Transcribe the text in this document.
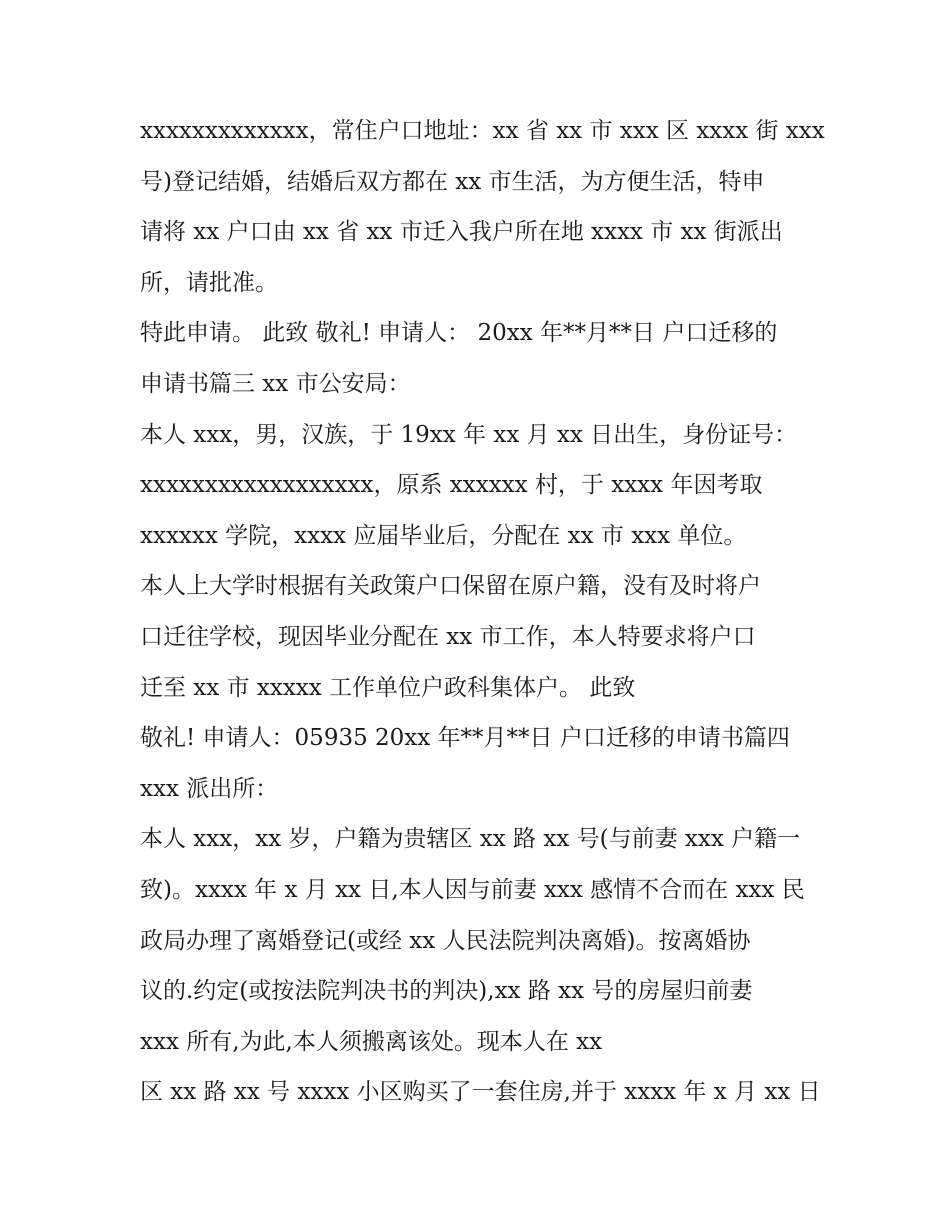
xxxxxxxxxxxxx，常住户口地址：xx 省 xx 市 xxx 区 xxxx 街 xxx
号)登记结婚，结婚后双方都在 xx 市生活，为方便生活，特申
请将 xx 户口由 xx 省 xx 市迁入我户所在地 xxxx 市 xx 街派出
所，请批准。
特此申请。 此致 敬礼! 申请人： 20xx 年**月**日 户口迁移的
申请书篇三 xx 市公安局：
本人 xxx，男，汉族，于 19xx 年 xx 月 xx 日出生，身份证号：
xxxxxxxxxxxxxxxxxx，原系 xxxxxx 村，于 xxxx 年因考取
xxxxxx 学院，xxxx 应届毕业后，分配在 xx 市 xxx 单位。
本人上大学时根据有关政策户口保留在原户籍，没有及时将户
口迁往学校，现因毕业分配在 xx 市工作，本人特要求将户口
迁至 xx 市 xxxxx 工作单位户政科集体户。 此致
敬礼! 申请人：05935 20xx 年**月**日 户口迁移的申请书篇四
xxx 派出所：
本人 xxx，xx 岁，户籍为贵辖区 xx 路 xx 号(与前妻 xxx 户籍一
致)。xxxx 年 x 月 xx 日,本人因与前妻 xxx 感情不合而在 xxx 民
政局办理了离婚登记(或经 xx 人民法院判决离婚)。按离婚协
议的.约定(或按法院判决书的判决),xx 路 xx 号的房屋归前妻
xxx 所有,为此,本人须搬离该处。现本人在 xx
区 xx 路 xx 号 xxxx 小区购买了一套住房,并于 xxxx 年 x 月 xx 日
